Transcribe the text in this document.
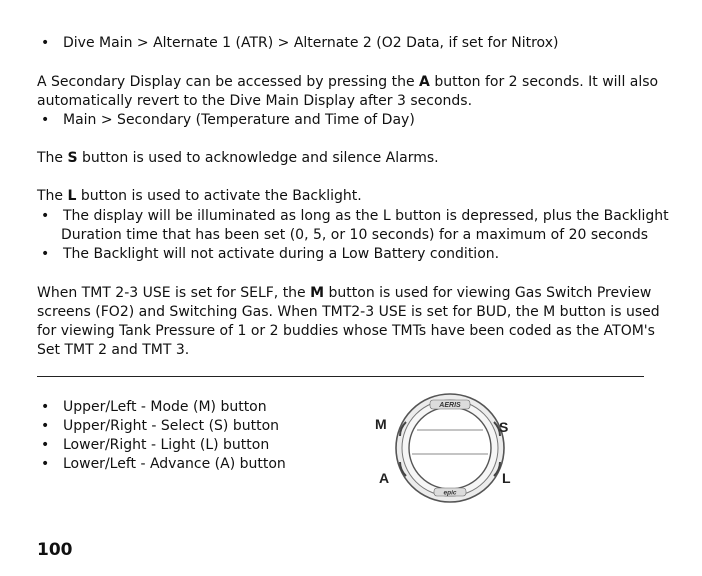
• Dive Main > Alternate 1 (ATR) > Alternate 2 (O2 Data, if set for Nitrox)
A Secondary Display can be accessed by pressing the A button for 2 seconds. It will also
automatically revert to the Dive Main Display after 3 seconds.
• Main > Secondary (Temperature and Time of Day)
The S button is used to acknowledge and silence Alarms.
The L button is used to activate the Backlight.
• The display will be illuminated as long as the L button is depressed, plus the Backlight
Duration time that has been set (0, 5, or 10 seconds) for a maximum of 20 seconds
• The Backlight will not activate during a Low Battery condition.
When TMT 2-3 USE is set for SELF, the M button is used for viewing Gas Switch Preview
screens (FO2) and Switching Gas. When TMT2-3 USE is set for BUD, the M button is used
for viewing Tank Pressure of 1 or 2 buddies whose TMTs have been coded as the ATOM's
Set TMT 2 and TMT 3.
• Upper/Left - Mode (M) button
• Upper/Right - Select (S) button
• Lower/Right - Light (L) button
• Lower/Left - Advance (A) button
AERIS
epic
M	S
A	L
100
